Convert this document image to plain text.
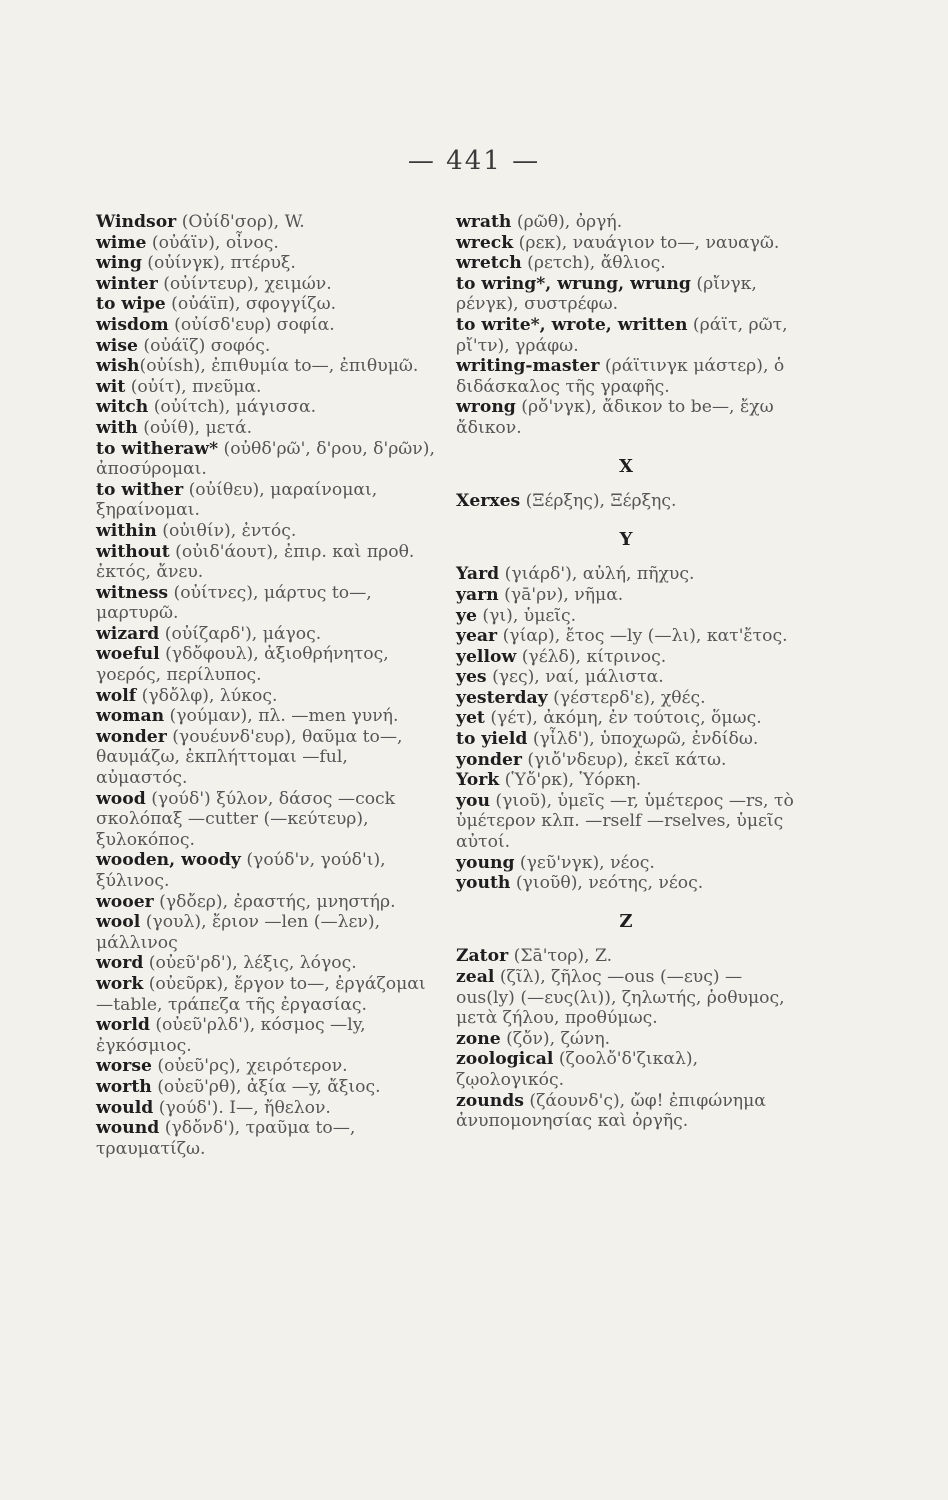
— 441 —

Windsor (Οὐίδ'σορ), W.

wime (οὐάϊν), οἶνος.

wing (οὐίνγκ), πτέρυξ.

winter (οὐίντευρ), χειμών.

to wipe (οὐάϊπ), σφογγίζω.

wisdom (οὐίσδ'ευρ) σοφία.

wise (οὐάϊζ) σοφός.

wish(οὐίsh), ἐπιθυμία to—, ἐπιθυμῶ.

wit (οὐίτ), πνεῦμα.

witch (οὐίτch), μάγισσα.

with (οὐίθ), μετά.

to witheraw* (οὐθδ'ρῶ', δ'ρου, δ'ρῶν), ἀποσύρομαι.

to wither (οὐίθευ), μαραίνομαι, ξηραίνομαι.

within (οὐιθίν), ἐντός.

without (οὐιδ'άουτ), ἐπιρ. καὶ προθ. ἐκτός, ἄνευ.

witness (οὐίτνες), μάρτυς to—, μαρτυρῶ.

wizard (οὐίζαρδ'), μάγος.

woeful (γδὄφουλ), ἀξιοθρήνητος, γοερός, περίλυπος.

wolf (γδὄλφ), λύκος.

woman (γούμαν), πλ. —men γυνή.

wonder (γουέυνδ'ευρ), θαῦμα to—, θαυμάζω, ἐκπλήττομαι —ful, αὐμαστός.

wood (γούδ') ξύλον, δάσος —cock σκολόπαξ —cutter (—κεύτευρ), ξυλοκόπος.

wooden, woody (γούδ'ν, γούδ'ι), ξύλινος.

wooer (γδὄερ), ἐραστής, μνηστήρ.

wool (γουλ), ἔριον —len (—λεν), μάλλινος

word (οὐεῦ'ρδ'), λέξις, λόγος.

work (οὐεῦρκ), ἔργον to—, ἐργάζομαι —table, τράπεζα τῆς ἐργασίας.

world (οὐεῦ'ρλδ'), κόσμος —ly, ἐγκόσμιος.

worse (οὐεῦ'ρς), χειρότερον.

worth (οὐεῦ'ρθ), ἀξία —y, ἄξιος.

would (γούδ'). I—, ἤθελον.

wound (γδὄνδ'), τραῦμα to—, τραυματίζω.

wrath (ρῶθ), ὀργή.

wreck (ρεκ), ναυάγιον to—, ναυαγῶ.

wretch (ρετch), ἄθλιος.

to wring*, wrung, wrung (ρἴνγκ, ρένγκ), συστρέφω.

to write*, wrote, written (ράϊτ, ρῶτ, ρἴ'τν), γράφω.

writing-master (ράϊτινγκ μάστερ), ὁ διδάσκαλος τῆς γραφῆς.

wrong (ρὄ'νγκ), ἄδικον to be—, ἔχω ἄδικον.

X

Xerxes (Ξέρξης), Ξέρξης.

Y

Yard (γιάρδ'), αὐλή, πῆχυς.

yarn (γā'ρν), νῆμα.

ye (γι), ὑμεῖς.

year (γίαρ), ἔτος —ly (—λι), κατ'ἔτος.

yellow (γέλδ), κίτρινος.

yes (γες), ναί, μάλιστα.

yesterday (γέστερδ'ε), χθές.

yet (γέτ), ἀκόμη, ἐν τούτοις, ὅμως.

to yield (γἶλδ'), ὑποχωρῶ, ἐνδίδω.

yonder (γιὄ'νδευρ), ἐκεῖ κάτω.

York (Ὑὄ'ρκ), Ὑόρκη.

you (γιοῦ), ὑμεῖς —r, ὑμέτερος —rs, τὸ ὑμέτερον κλπ. —rself —rselves, ὑμεῖς αὐτοί.

young (γεῦ'νγκ), νέος.

youth (γιοῦθ), νεότης, νέος.

Z

Zator (Σā'τορ), Z.

zeal (ζῖλ), ζῆλος —ous (—ευς) —ous(ly) (—ευς(λι)), ζηλωτής, ῥοθυμος, μετὰ ζήλου, προθύμως.

zone (ζὄν), ζώνη.

zoological (ζοολὄ'δ'ζικαλ), ζῳολογικός.

zounds (ζάουνδ'ς), ὤφ! ἐπιφώνημα ἀνυπομονησίας καὶ ὀργῆς.
